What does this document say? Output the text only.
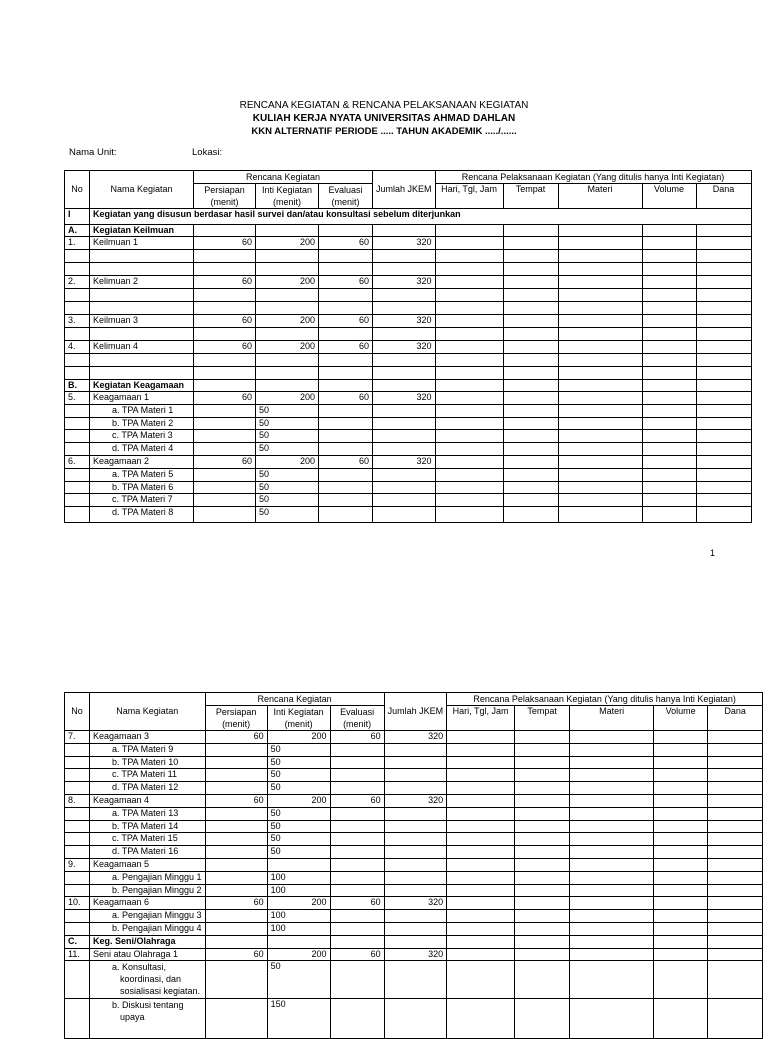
RENCANA KEGIATAN & RENCANA PELAKSANAAN KEGIATAN
KULIAH KERJA NYATA UNIVERSITAS AHMAD DAHLAN
KKN ALTERNATIF PERIODE ..... TAHUN AKADEMIK ...../......
Nama Unit:	Lokasi:
No	Nama Kegiatan	Rencana Kegiatan			Jumlah JKEM	Rencana Pelaksanaan Kegiatan (Yang ditulis hanya Inti Kegiatan)				
		Persiapan (menit)	Inti Kegiatan (menit)	Evaluasi (menit)		Hari, Tgl, Jam	Tempat	Materi	Volume	Dana
I	Kegiatan yang disusun berdasar hasil survei dan/atau konsultasi sebelum diterjunkan									
A.	Kegiatan Keilmuan									
1.	Keilmuan 1	60	200	60	320					

2.	Kelimuan 2	60	200	60	320					

3.	Keilmuan 3	60	200	60	320					

4.	Kelimuan 4	60	200	60	320					

B.	Kegiatan Keagamaan									
5.	Keagamaan 1	60	200	60	320					
	a. TPA Materi 1		50							
	b. TPA Materi 2		50							
	c. TPA Materi 3		50							
	d. TPA Materi 4		50							
6.	Keagamaan 2	60	200	60	320					
	a. TPA Materi 5		50							
	b. TPA Materi 6		50							
	c. TPA Materi 7		50							
	d. TPA Materi 8		50							
1
No	Nama Kegiatan	Rencana Kegiatan			Jumlah JKEM	Rencana Pelaksanaan Kegiatan (Yang ditulis hanya Inti Kegiatan)				
		Persiapan (menit)	Inti Kegiatan (menit)	Evaluasi (menit)		Hari, Tgl, Jam	Tempat	Materi	Volume	Dana
7.	Keagamaan 3	60	200	60	320					
	a. TPA Materi 9		50							
	b. TPA Materi 10		50							
	c. TPA Materi 11		50							
	d. TPA Materi 12		50							
8.	Keagamaan 4	60	200	60	320					
	a. TPA Materi 13		50							
	b. TPA Materi 14		50							
	c. TPA Materi 15		50							
	d. TPA Materi 16		50							
9.	Keagamaan 5									
	a. Pengajian Minggu 1		100							
	b. Pengajian Minggu 2		100							
10.	Keagamaan 6	60	200	60	320					
	a. Pengajian Minggu 3		100							
	b. Pengajian Minggu 4		100							
C.	Keg. Seni/Olahraga									
11.	Seni atau Olahraga 1	60	200	60	320					

	a. Konsultasi,
koordinasi, dan
sosialisasi kegiatan.		50							

	b. Diskusi tentang
upaya		150							
